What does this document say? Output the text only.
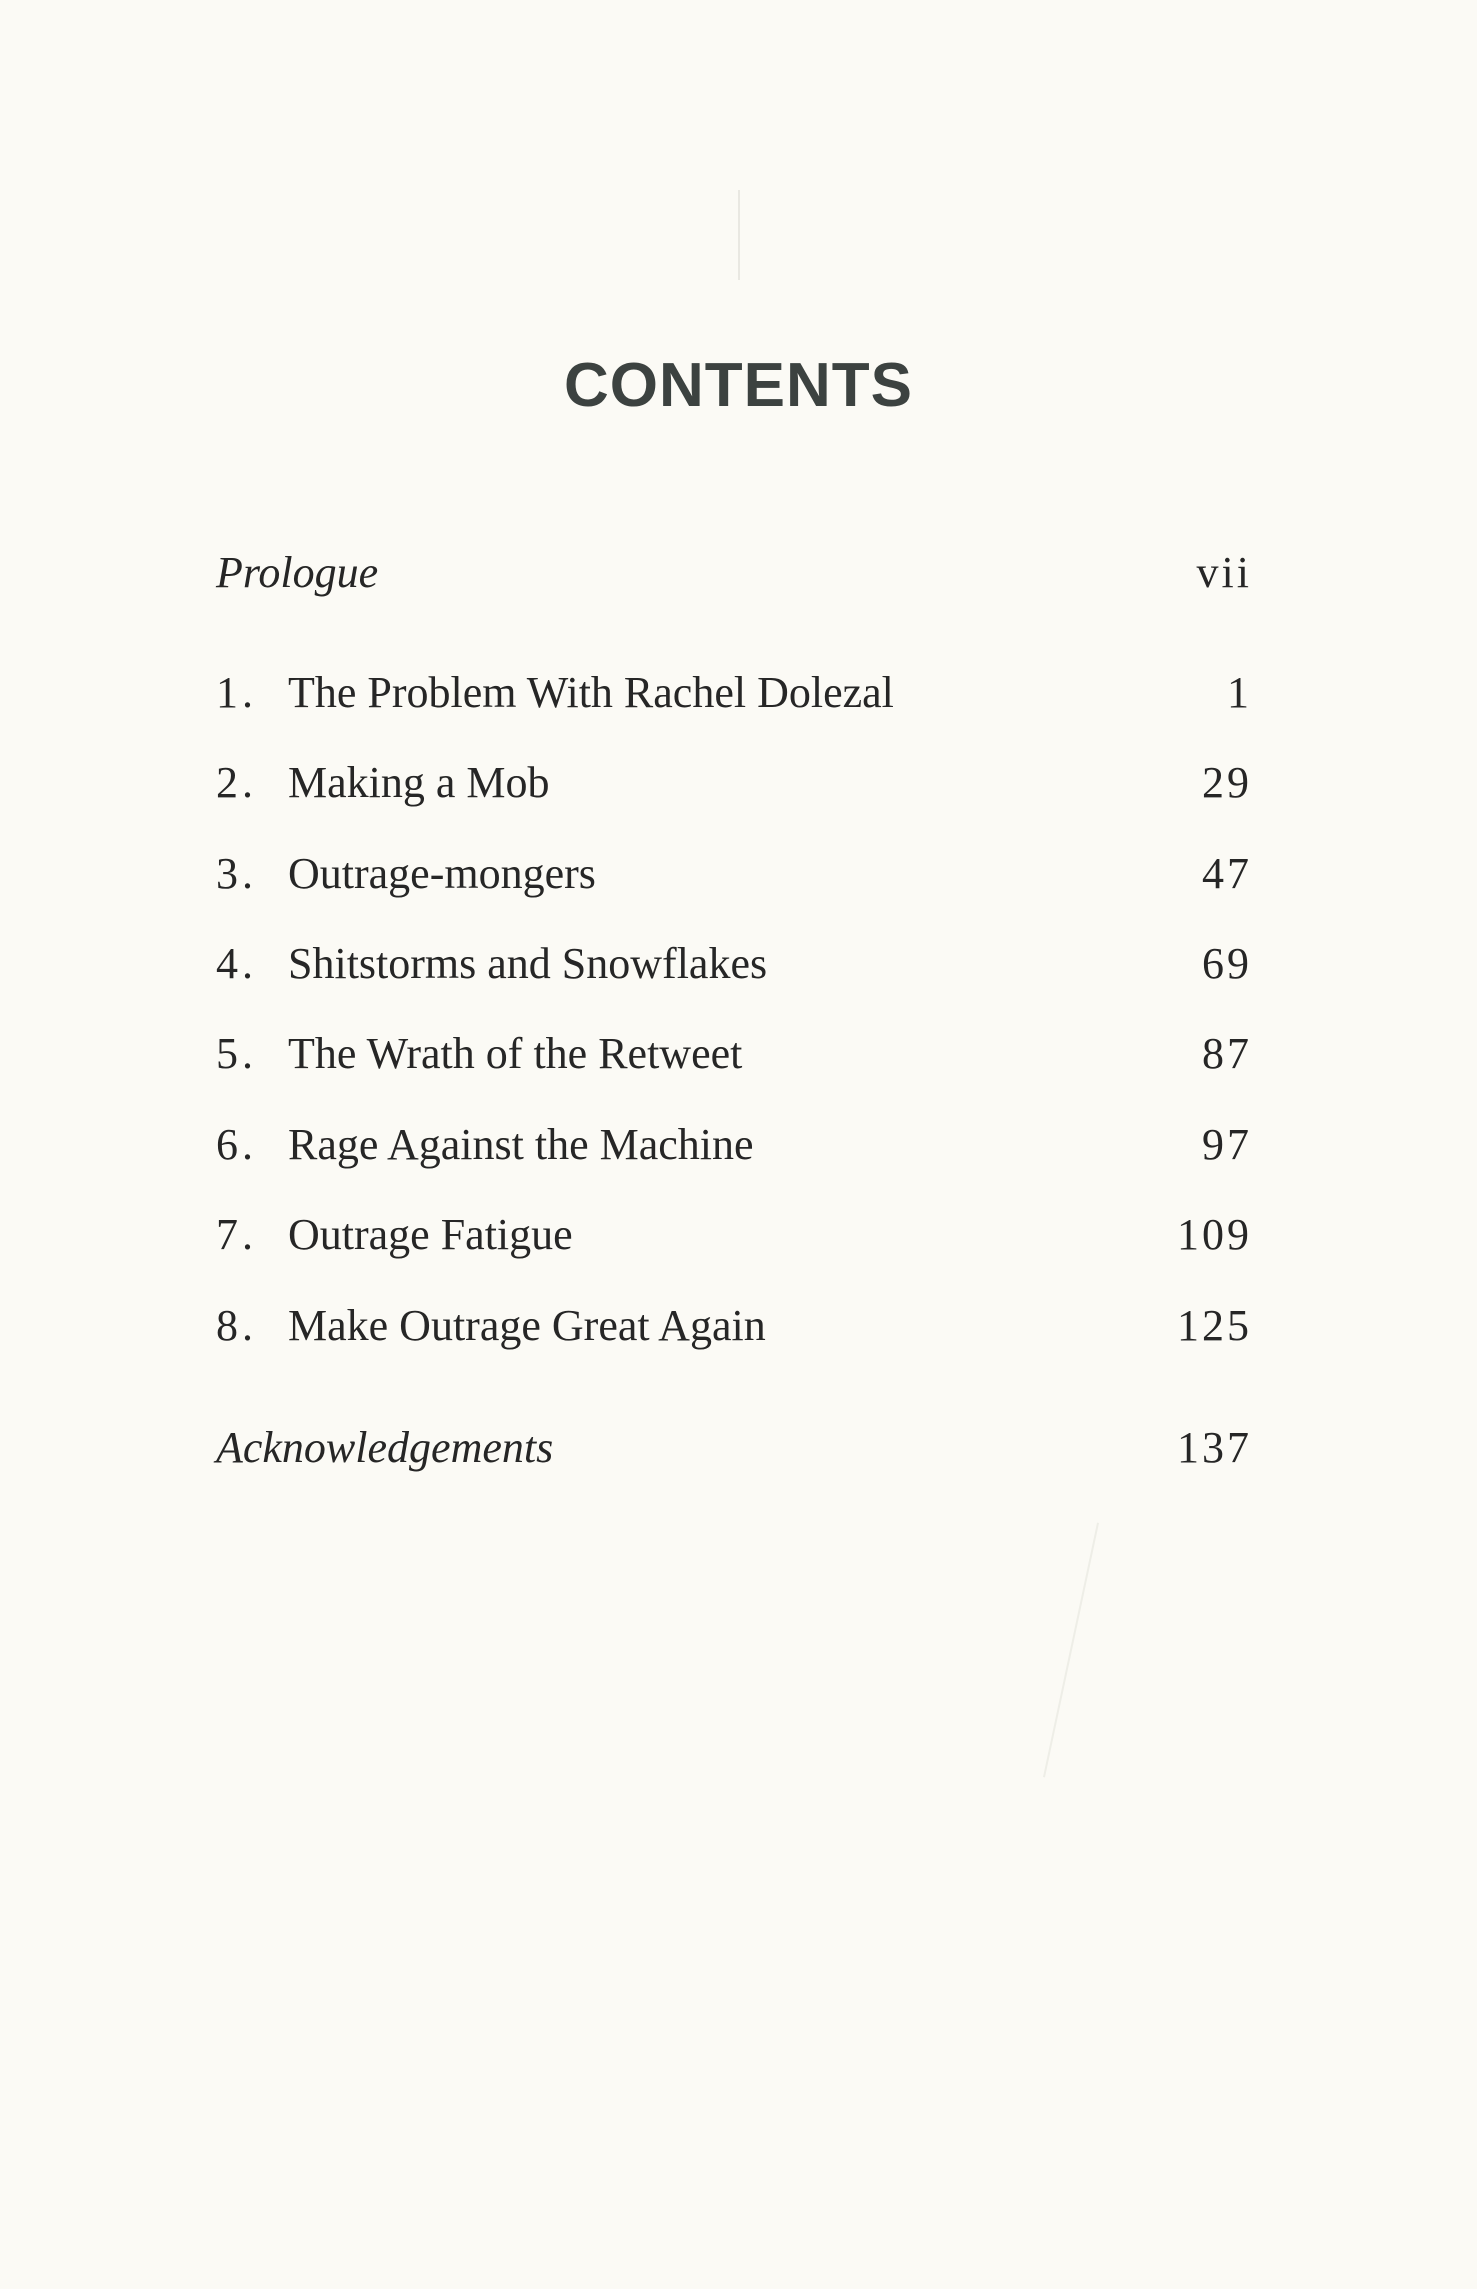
CONTENTS
Prologue	vii
1. The Problem With Rachel Dolezal	1
2. Making a Mob	29
3. Outrage-mongers	47
4. Shitstorms and Snowflakes	69
5. The Wrath of the Retweet	87
6. Rage Against the Machine	97
7. Outrage Fatigue	109
8. Make Outrage Great Again	125
Acknowledgements	137
